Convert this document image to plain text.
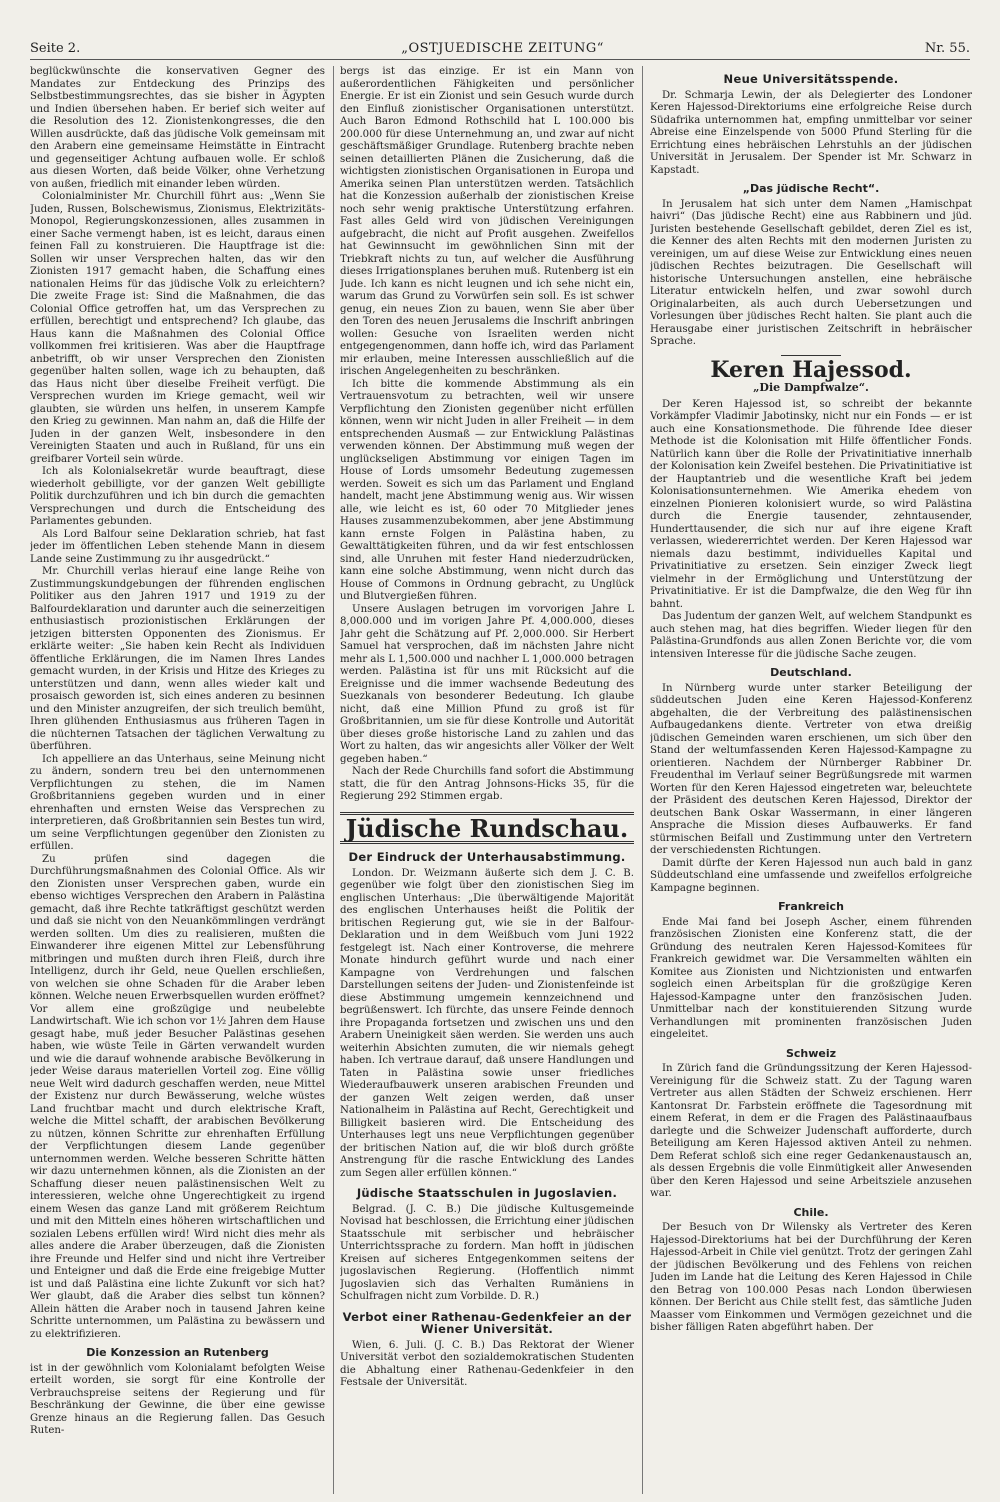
Seite 2.	„OSTJUEDISCHE ZEITUNG“	Nr. 55.

beglückwünschte die konservativen Gegner des Mandates zur Entdeckung des Prinzips des Selbstbestimmungsrechtes, das sie bisher in Ägypten und Indien übersehen haben. Er berief sich weiter auf die Resolution des 12. Zionistenkongresses, die den Willen ausdrückte, daß das jüdische Volk gemeinsam mit den Arabern eine gemeinsame Heimstätte in Eintracht und gegenseitiger Achtung aufbauen wolle. Er schloß aus diesen Worten, daß beide Völker, ohne Verhetzung von außen, friedlich mit einander leben würden.

Colonialminister Mr. Churchill führt aus: „Wenn Sie Juden, Russen, Bolschewismus, Zionismus, Elektrizitäts-Monopol, Regierungskonzessionen, alles zusammen in einer Sache vermengt haben, ist es leicht, daraus einen feinen Fall zu konstruieren. Die Hauptfrage ist die: Sollen wir unser Versprechen halten, das wir den Zionisten 1917 gemacht haben, die Schaffung eines nationalen Heims für das jüdische Volk zu erleichtern? Die zweite Frage ist: Sind die Maßnahmen, die das Colonial Office getroffen hat, um das Versprechen zu erfüllen, berechtigt und entsprechend? Ich glaube, das Haus kann die Maßnahmen des Colonial Office vollkommen frei kritisieren. Was aber die Hauptfrage anbetrifft, ob wir unser Versprechen den Zionisten gegenüber halten sollen, wage ich zu behaupten, daß das Haus nicht über dieselbe Freiheit verfügt. Die Versprechen wurden im Kriege gemacht, weil wir glaubten, sie würden uns helfen, in unserem Kampfe den Krieg zu gewinnen. Man nahm an, daß die Hilfe der Juden in der ganzen Welt, insbesondere in den Vereinigten Staaten und auch in Rußland, für uns ein greifbarer Vorteil sein würde.

Ich als Kolonialsekretär wurde beauftragt, diese wiederholt gebilligte, vor der ganzen Welt gebilligte Politik durchzuführen und ich bin durch die gemachten Versprechungen und durch die Entscheidung des Parlamentes gebunden.

Als Lord Balfour seine Deklaration schrieb, hat fast jeder im öffentlichen Leben stehende Mann in diesem Lande seine Zustimmung zu ihr ausgedrückt.“

Mr. Churchill verlas hierauf eine lange Reihe von Zustimmungskundgebungen der führenden englischen Politiker aus den Jahren 1917 und 1919 zu der Balfourdeklaration und darunter auch die seinerzeitigen enthusiastisch prozionistischen Erklärungen der jetzigen bittersten Opponenten des Zionismus. Er erklärte weiter: „Sie haben kein Recht als Individuen öffentliche Erklärungen, die im Namen Ihres Landes gemacht wurden, in der Krisis und Hitze des Krieges zu unterstützen und dann, wenn alles wieder kalt und prosaisch geworden ist, sich eines anderen zu besinnen und den Minister anzugreifen, der sich treulich bemüht, Ihren glühenden Enthusiasmus aus früheren Tagen in die nüchternen Tatsachen der täglichen Verwaltung zu überführen.

Ich appelliere an das Unterhaus, seine Meinung nicht zu ändern, sondern treu bei den unternommenen Verpflichtungen zu stehen, die im Namen Großbritanniens gegeben wurden und in einer ehrenhaften und ernsten Weise das Versprechen zu interpretieren, daß Großbritannien sein Bestes tun wird, um seine Verpflichtungen gegenüber den Zionisten zu erfüllen.

Zu prüfen sind dagegen die Durchführungsmaßnahmen des Colonial Office. Als wir den Zionisten unser Versprechen gaben, wurde ein ebenso wichtiges Versprechen den Arabern in Palästina gemacht, daß ihre Rechte tatkräftigst geschützt werden und daß sie nicht von den Neuankömmlingen verdrängt werden sollten. Um dies zu realisieren, mußten die Einwanderer ihre eigenen Mittel zur Lebensführung mitbringen und mußten durch ihren Fleiß, durch ihre Intelligenz, durch ihr Geld, neue Quellen erschließen, von welchen sie ohne Schaden für die Araber leben können. Welche neuen Erwerbsquellen wurden eröffnet? Vor allem eine großzügige und neubelebte Landwirtschaft. Wie ich schon vor 1½ Jahren dem Hause gesagt habe, muß jeder Besucher Palästinas gesehen haben, wie wüste Teile in Gärten verwandelt wurden und wie die darauf wohnende arabische Bevölkerung in jeder Weise daraus materiellen Vorteil zog. Eine völlig neue Welt wird dadurch geschaffen werden, neue Mittel der Existenz nur durch Bewässerung, welche wüstes Land fruchtbar macht und durch elektrische Kraft, welche die Mittel schafft, der arabischen Bevölkerung zu nützen, können Schritte zur ehrenhaften Erfüllung der Verpflichtungen diesem Lande gegenüber unternommen werden. Welche besseren Schritte hätten wir dazu unternehmen können, als die Zionisten an der Schaffung dieser neuen palästinensischen Welt zu interessieren, welche ohne Ungerechtigkeit zu irgend einem Wesen das ganze Land mit größerem Reichtum und mit den Mitteln eines höheren wirtschaftlichen und sozialen Lebens erfüllen wird! Wird nicht dies mehr als alles andere die Araber überzeugen, daß die Zionisten ihre Freunde und Helfer sind und nicht ihre Vertreiber und Enteigner und daß die Erde eine freigebige Mutter ist und daß Palästina eine lichte Zukunft vor sich hat? Wer glaubt, daß die Araber dies selbst tun können? Allein hätten die Araber noch in tausend Jahren keine Schritte unternommen, um Palästina zu bewässern und zu elektrifizieren.

Die Konzession an Rutenberg

ist in der gewöhnlich vom Kolonialamt befolgten Weise erteilt worden, sie sorgt für eine Kontrolle der Verbrauchspreise seitens der Regierung und für Beschränkung der Gewinne, die über eine gewisse Grenze hinaus an die Regierung fallen. Das Gesuch Ruten-

bergs ist das einzige. Er ist ein Mann von außerordentlichen Fähigkeiten und persönlicher Energie. Er ist ein Zionist und sein Gesuch wurde durch den Einfluß zionistischer Organisationen unterstützt. Auch Baron Edmond Rothschild hat L 100.000 bis 200.000 für diese Unternehmung an, und zwar auf nicht geschäftsmäßiger Grundlage. Rutenberg brachte neben seinen detaillierten Plänen die Zusicherung, daß die wichtigsten zionistischen Organisationen in Europa und Amerika seinen Plan unterstützen werden. Tatsächlich hat die Konzession außerhalb der zionistischen Kreise noch sehr wenig praktische Unterstützung erfahren. Fast alles Geld wird von jüdischen Vereinigungen aufgebracht, die nicht auf Profit ausgehen. Zweifellos hat Gewinnsucht im gewöhnlichen Sinn mit der Triebkraft nichts zu tun, auf welcher die Ausführung dieses Irrigationsplanes beruhen muß. Rutenberg ist ein Jude. Ich kann es nicht leugnen und ich sehe nicht ein, warum das Grund zu Vorwürfen sein soll. Es ist schwer genug, ein neues Zion zu bauen, wenn Sie aber über den Toren des neuen Jerusalems die Inschrift anbringen wollen: Gesuche von Israeliten werden nicht entgegengenommen, dann hoffe ich, wird das Parlament mir erlauben, meine Interessen ausschließlich auf die irischen Angelegenheiten zu beschränken.

Ich bitte die kommende Abstimmung als ein Vertrauensvotum zu betrachten, weil wir unsere Verpflichtung den Zionisten gegenüber nicht erfüllen können, wenn wir nicht Juden in aller Freiheit — in dem entsprechenden Ausmaß — zur Entwicklung Palästinas verwenden können. Der Abstimmung muß wegen der unglückseligen Abstimmung vor einigen Tagen im House of Lords umsomehr Bedeutung zugemessen werden. Soweit es sich um das Parlament und England handelt, macht jene Abstimmung wenig aus. Wir wissen alle, wie leicht es ist, 60 oder 70 Mitglieder jenes Hauses zusammenzubekommen, aber jene Abstimmung kann ernste Folgen in Palästina haben, zu Gewalttätigkeiten führen, und da wir fest entschlossen sind, alle Unruhen mit fester Hand niederzudrücken, kann eine solche Abstimmung, wenn nicht durch das House of Commons in Ordnung gebracht, zu Unglück und Blutvergießen führen.

Unsere Auslagen betrugen im vorvorigen Jahre L 8,000.000 und im vorigen Jahre Pf. 4,000.000, dieses Jahr geht die Schätzung auf Pf. 2,000.000. Sir Herbert Samuel hat versprochen, daß im nächsten Jahre nicht mehr als L 1,500.000 und nachher L 1,000.000 betragen werden. Palästina ist für uns mit Rücksicht auf die Ereignisse und die immer wachsende Bedeutung des Suezkanals von besonderer Bedeutung. Ich glaube nicht, daß eine Million Pfund zu groß ist für Großbritannien, um sie für diese Kontrolle und Autorität über dieses große historische Land zu zahlen und das Wort zu halten, das wir angesichts aller Völker der Welt gegeben haben.“

Nach der Rede Churchills fand sofort die Abstimmung statt, die für den Antrag Johnsons-Hicks 35, für die Regierung 292 Stimmen ergab.

Jüdische Rundschau.
Der Eindruck der Unterhausabstimmung.

London. Dr. Weizmann äußerte sich dem J. C. B. gegenüber wie folgt über den zionistischen Sieg im englischen Unterhaus: „Die überwältigende Majorität des englischen Unterhauses heißt die Politik der britischen Regierung gut, wie sie in der Balfour-Deklaration und in dem Weißbuch vom Juni 1922 festgelegt ist. Nach einer Kontroverse, die mehrere Monate hindurch geführt wurde und nach einer Kampagne von Verdrehungen und falschen Darstellungen seitens der Juden- und Zionistenfeinde ist diese Abstimmung umgemein kennzeichnend und begrüßenswert. Ich fürchte, das unsere Feinde dennoch ihre Propaganda fortsetzen und zwischen uns und den Arabern Uneinigkeit säen werden. Sie werden uns auch weiterhin Absichten zumuten, die wir niemals gehegt haben. Ich vertraue darauf, daß unsere Handlungen und Taten in Palästina sowie unser friedliches Wiederaufbauwerk unseren arabischen Freunden und der ganzen Welt zeigen werden, daß unser Nationalheim in Palästina auf Recht, Gerechtigkeit und Billigkeit basieren wird. Die Entscheidung des Unterhauses legt uns neue Verpflichtungen gegenüber der britischen Nation auf, die wir bloß durch größte Anstrengung für die rasche Entwicklung des Landes zum Segen aller erfüllen können.“

Jüdische Staatsschulen in Jugoslavien.

Belgrad. (J. C. B.) Die jüdische Kultusgemeinde Novisad hat beschlossen, die Errichtung einer jüdischen Staatsschule mit serbischer und hebräischer Unterrichtssprache zu fordern. Man hofft in jüdischen Kreisen auf sicheres Entgegenkommen seitens der jugoslavischen Regierung. (Hoffentlich nimmt Jugoslavien sich das Verhalten Rumäniens in Schulfragen nicht zum Vorbilde. D. R.)

Verbot einer Rathenau-Gedenkfeier an der Wiener Universität.

Wien, 6. Juli. (J. C. B.) Das Rektorat der Wiener Universität verbot den sozialdemokratischen Studenten die Abhaltung einer Rathenau-Gedenkfeier in den Festsale der Universität.

Neue Universitätsspende.

Dr. Schmarja Lewin, der als Delegierter des Londoner Keren Hajessod-Direktoriums eine erfolgreiche Reise durch Südafrika unternommen hat, empfing unmittelbar vor seiner Abreise eine Einzelspende von 5000 Pfund Sterling für die Errichtung eines hebräischen Lehrstuhls an der jüdischen Universität in Jerusalem. Der Spender ist Mr. Schwarz in Kapstadt.

„Das jüdische Recht“.

In Jerusalem hat sich unter dem Namen „Hamischpat haivri“ (Das jüdische Recht) eine aus Rabbinern und jüd. Juristen bestehende Gesellschaft gebildet, deren Ziel es ist, die Kenner des alten Rechts mit den modernen Juristen zu vereinigen, um auf diese Weise zur Entwicklung eines neuen jüdischen Rechtes beizutragen. Die Gesellschaft will historische Untersuchungen anstellen, eine hebräische Literatur entwickeln helfen, und zwar sowohl durch Originalarbeiten, als auch durch Uebersetzungen und Vorlesungen über jüdisches Recht halten. Sie plant auch die Herausgabe einer juristischen Zeitschrift in hebräischer Sprache.

Keren Hajessod.
„Die Dampfwalze“.

Der Keren Hajessod ist, so schreibt der bekannte Vorkämpfer Vladimir Jabotinsky, nicht nur ein Fonds — er ist auch eine Konsationsmethode. Die führende Idee dieser Methode ist die Kolonisation mit Hilfe öffentlicher Fonds. Natürlich kann über die Rolle der Privatinitiative innerhalb der Kolonisation kein Zweifel bestehen. Die Privatinitiative ist der Hauptantrieb und die wesentliche Kraft bei jedem Kolonisationsunternehmen. Wie Amerika ehedem von einzelnen Pionieren kolonisiert wurde, so wird Palästina durch die Energie tausender, zehntausender, Hunderttausender, die sich nur auf ihre eigene Kraft verlassen, wiedererrichtet werden. Der Keren Hajessod war niemals dazu bestimmt, individuelles Kapital und Privatinitiative zu ersetzen. Sein einziger Zweck liegt vielmehr in der Ermöglichung und Unterstützung der Privatinitiative. Er ist die Dampfwalze, die den Weg für ihn bahnt.

Das Judentum der ganzen Welt, auf welchem Standpunkt es auch stehen mag, hat dies begriffen. Wieder liegen für den Palästina-Grundfonds aus allen Zonen Berichte vor, die vom intensiven Interesse für die jüdische Sache zeugen.

Deutschland.

In Nürnberg wurde unter starker Beteiligung der süddeutschen Juden eine Keren Hajessod-Konferenz abgehalten, die der Verbreitung des palästinensischen Aufbaugedankens diente. Vertreter von etwa dreißig jüdischen Gemeinden waren erschienen, um sich über den Stand der weltumfassenden Keren Hajessod-Kampagne zu orientieren. Nachdem der Nürnberger Rabbiner Dr. Freudenthal im Verlauf seiner Begrüßungsrede mit warmen Worten für den Keren Hajessod eingetreten war, beleuchtete der Präsident des deutschen Keren Hajessod, Direktor der deutschen Bank Oskar Wassermann, in einer längeren Ansprache die Mission dieses Aufbauwerks. Er fand stürmischen Beifall und Zustimmung unter den Vertretern der verschiedensten Richtungen.

Damit dürfte der Keren Hajessod nun auch bald in ganz Süddeutschland eine umfassende und zweifellos erfolgreiche Kampagne beginnen.

Frankreich

Ende Mai fand bei Joseph Ascher, einem führenden französischen Zionisten eine Konferenz statt, die der Gründung des neutralen Keren Hajessod-Komitees für Frankreich gewidmet war. Die Versammelten wählten ein Komitee aus Zionisten und Nichtzionisten und entwarfen sogleich einen Arbeitsplan für die großzügige Keren Hajessod-Kampagne unter den französischen Juden. Unmittelbar nach der konstituierenden Sitzung wurde Verhandlungen mit prominenten französischen Juden eingeleitet.

Schweiz

In Zürich fand die Gründungssitzung der Keren Hajessod-Vereinigung für die Schweiz statt. Zu der Tagung waren Vertreter aus allen Städten der Schweiz erschienen. Herr Kantonsrat Dr. Farbstein eröffnete die Tagesordnung mit einem Referat, in dem er die Fragen des Palästinaaufbaus darlegte und die Schweizer Judenschaft aufforderte, durch Beteiligung am Keren Hajessod aktiven Anteil zu nehmen. Dem Referat schloß sich eine reger Gedankenaustausch an, als dessen Ergebnis die volle Einmütigkeit aller Anwesenden über den Keren Hajessod und seine Arbeitsziele anzusehen war.

Chile.

Der Besuch von Dr Wilensky als Vertreter des Keren Hajessod-Direktoriums hat bei der Durchführung der Keren Hajessod-Arbeit in Chile viel genützt. Trotz der geringen Zahl der jüdischen Bevölkerung und des Fehlens von reichen Juden im Lande hat die Leitung des Keren Hajessod in Chile den Betrag von 100.000 Pesas nach London überwiesen können. Der Bericht aus Chile stellt fest, das sämtliche Juden Maasser vom Einkommen und Vermögen gezeichnet und die bisher fälligen Raten abgeführt haben. Der
